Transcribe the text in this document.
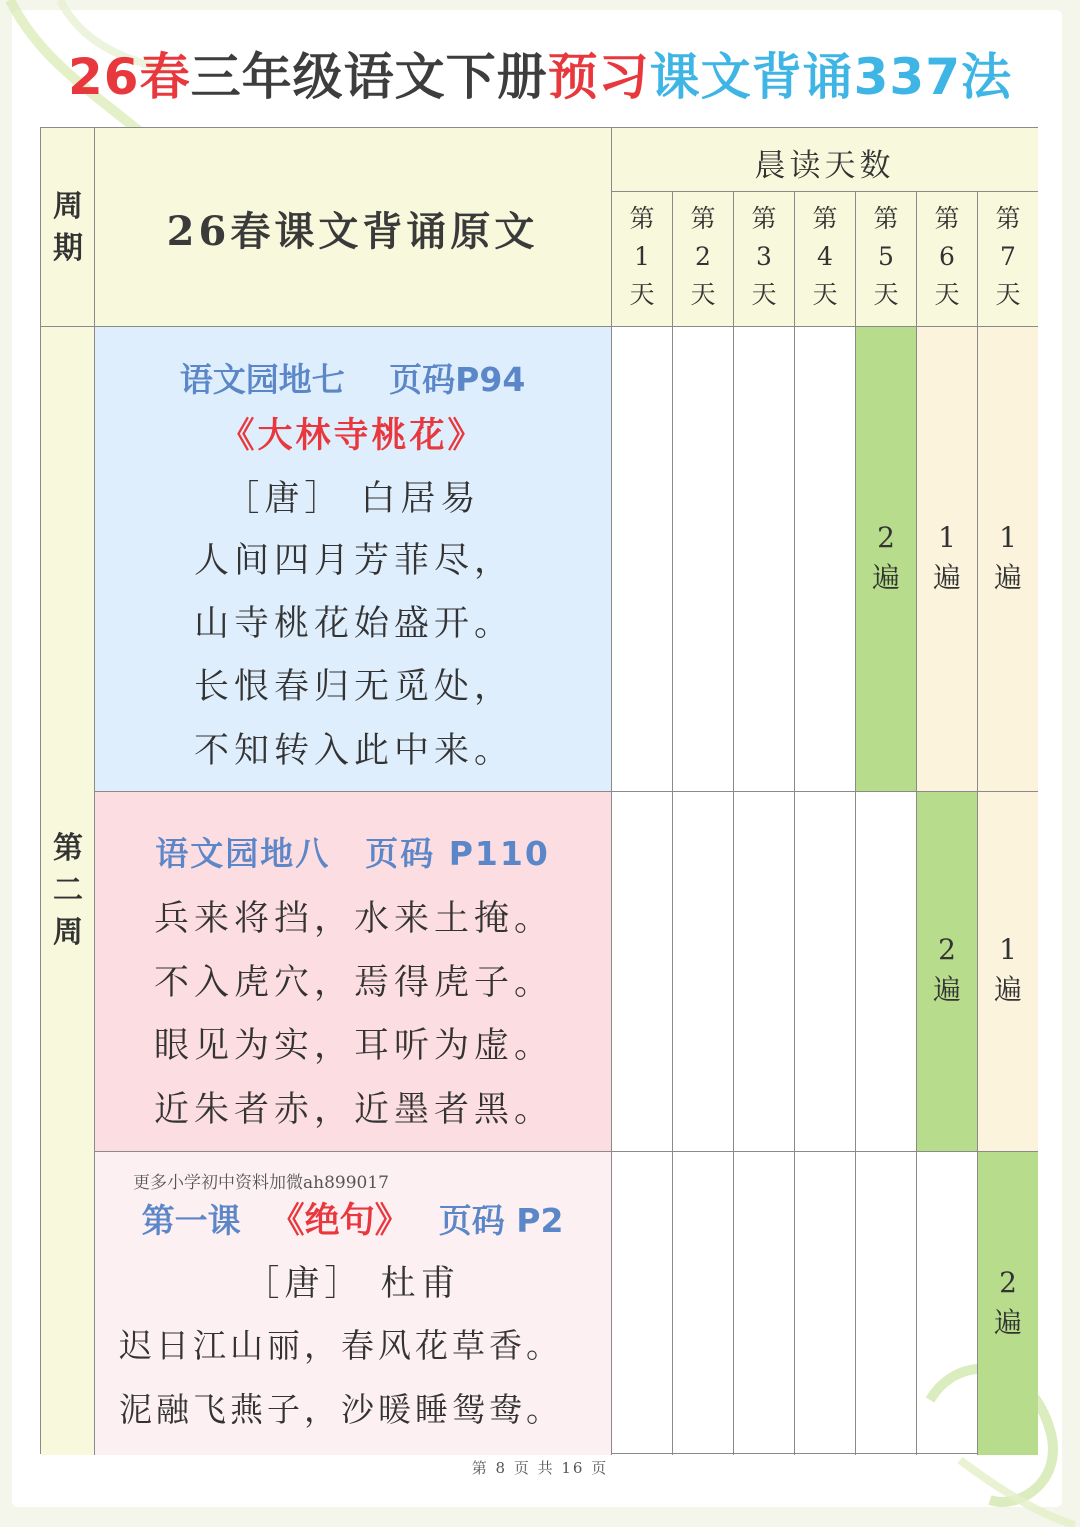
26春三年级语文下册预习课文背诵337法
周期	26春课文背诵原文
晨读天数
第1天
第2天
第3天
第4天
第5天
第6天
第7天
第二周
语文园地七　 页码P94
《大林寺桃花》
［唐］ 白居易
人间四月芳菲尽，
山寺桃花始盛开。
长恨春归无觅处，
不知转入此中来。
语文园地八　页码 P110
兵来将挡，水来土掩。
不入虎穴，焉得虎子。
眼见为实，耳听为虚。
近朱者赤，近墨者黑。
更多小学初中资料加微ah899017
第一课 《绝句》 页码 P2
［唐］ 杜甫
迟日江山丽，春风花草香。
泥融飞燕子，沙暖睡鸳鸯。
2遍
1遍
1遍
2遍
1遍
2遍
第 8 页 共 16 页
